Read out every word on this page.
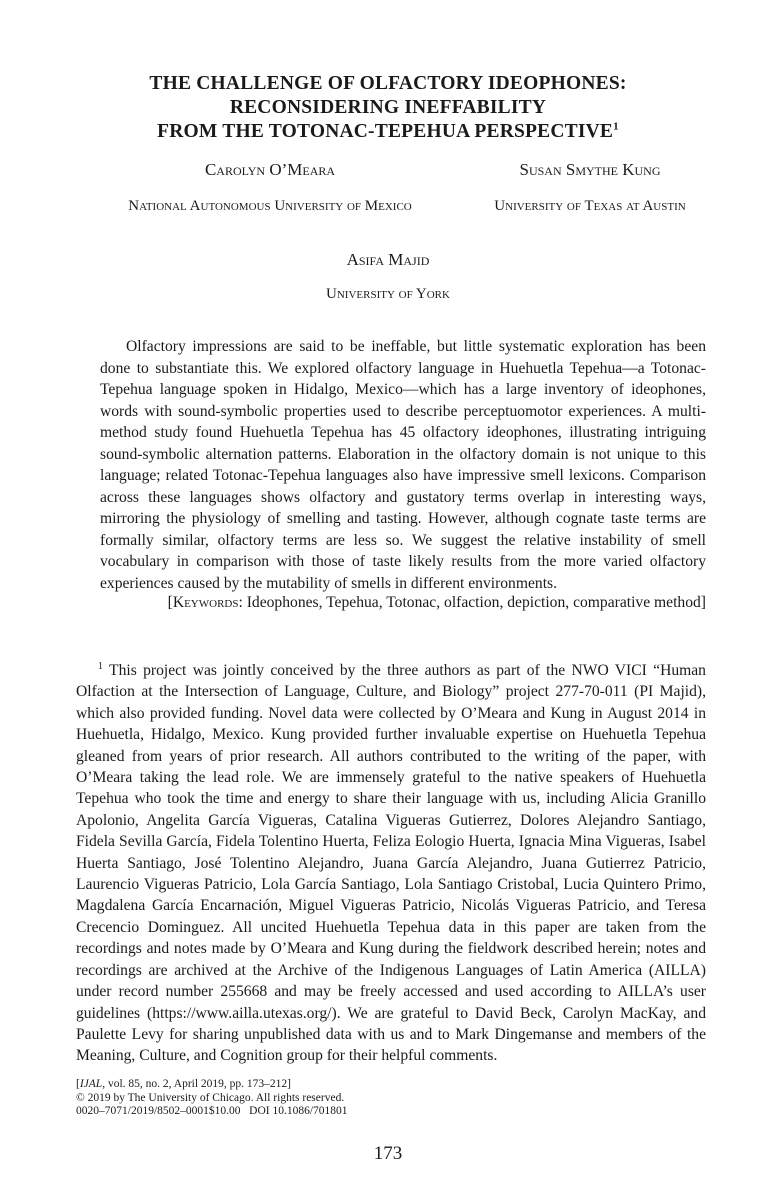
THE CHALLENGE OF OLFACTORY IDEOPHONES:
RECONSIDERING INEFFABILITY
FROM THE TOTONAC-TEPEHUA PERSPECTIVE$^1$

Carolyn O’Meara	Susan Smythe Kung

National Autonomous University of Mexico	University of Texas at Austin

Asifa Majid

University of York

Olfactory impressions are said to be ineffable, but little systematic exploration has been done to substantiate this. We explored olfactory language in Huehuetla Tepehua—a Totonac-Tepehua language spoken in Hidalgo, Mexico—which has a large inventory of ideophones, words with sound-symbolic properties used to describe perceptuomotor experiences. A multi-method study found Huehuetla Tepehua has 45 olfactory ideophones, illustrating intriguing sound-symbolic alternation patterns. Elaboration in the olfactory domain is not unique to this language; related Totonac-Tepehua languages also have impressive smell lexicons. Comparison across these languages shows olfactory and gustatory terms overlap in interesting ways, mirroring the physiology of smelling and tasting. However, although cognate taste terms are formally similar, olfactory terms are less so. We suggest the relative instability of smell vocabulary in comparison with those of taste likely results from the more varied olfactory experiences caused by the mutability of smells in different environments.

[Keywords: Ideophones, Tepehua, Totonac, olfaction, depiction, comparative method]

$^1$ This project was jointly conceived by the three authors as part of the NWO VICI “Human Olfaction at the Intersection of Language, Culture, and Biology” project 277-70-011 (PI Majid), which also provided funding. Novel data were collected by O’Meara and Kung in August 2014 in Huehuetla, Hidalgo, Mexico. Kung provided further invaluable expertise on Huehuetla Tepehua gleaned from years of prior research. All authors contributed to the writing of the paper, with O’Meara taking the lead role. We are immensely grateful to the native speakers of Huehuetla Tepehua who took the time and energy to share their language with us, including Alicia Granillo Apolonio, Angelita García Vigueras, Catalina Vigueras Gutierrez, Dolores Alejandro Santiago, Fidela Sevilla García, Fidela Tolentino Huerta, Feliza Eologio Huerta, Ignacia Mina Vigueras, Isabel Huerta Santiago, José Tolentino Alejandro, Juana García Alejandro, Juana Gutierrez Patricio, Laurencio Vigueras Patricio, Lola García Santiago, Lola Santiago Cristobal, Lucia Quintero Primo, Magdalena García Encarnación, Miguel Vigueras Patricio, Nicolás Vigueras Patricio, and Teresa Crecencio Dominguez. All uncited Huehuetla Tepehua data in this paper are taken from the recordings and notes made by O’Meara and Kung during the fieldwork described herein; notes and recordings are archived at the Archive of the Indigenous Languages of Latin America (AILLA) under record number 255668 and may be freely accessed and used according to AILLA’s user guidelines (https://www.ailla.utexas.org/). We are grateful to David Beck, Carolyn MacKay, and Paulette Levy for sharing unpublished data with us and to Mark Dingemanse and members of the Meaning, Culture, and Cognition group for their helpful comments.

[IJAL, vol. 85, no. 2, April 2019, pp. 173–212]
© 2019 by The University of Chicago. All rights reserved.
0020–7071/2019/8502–0001$10.00   DOI 10.1086/701801

173
